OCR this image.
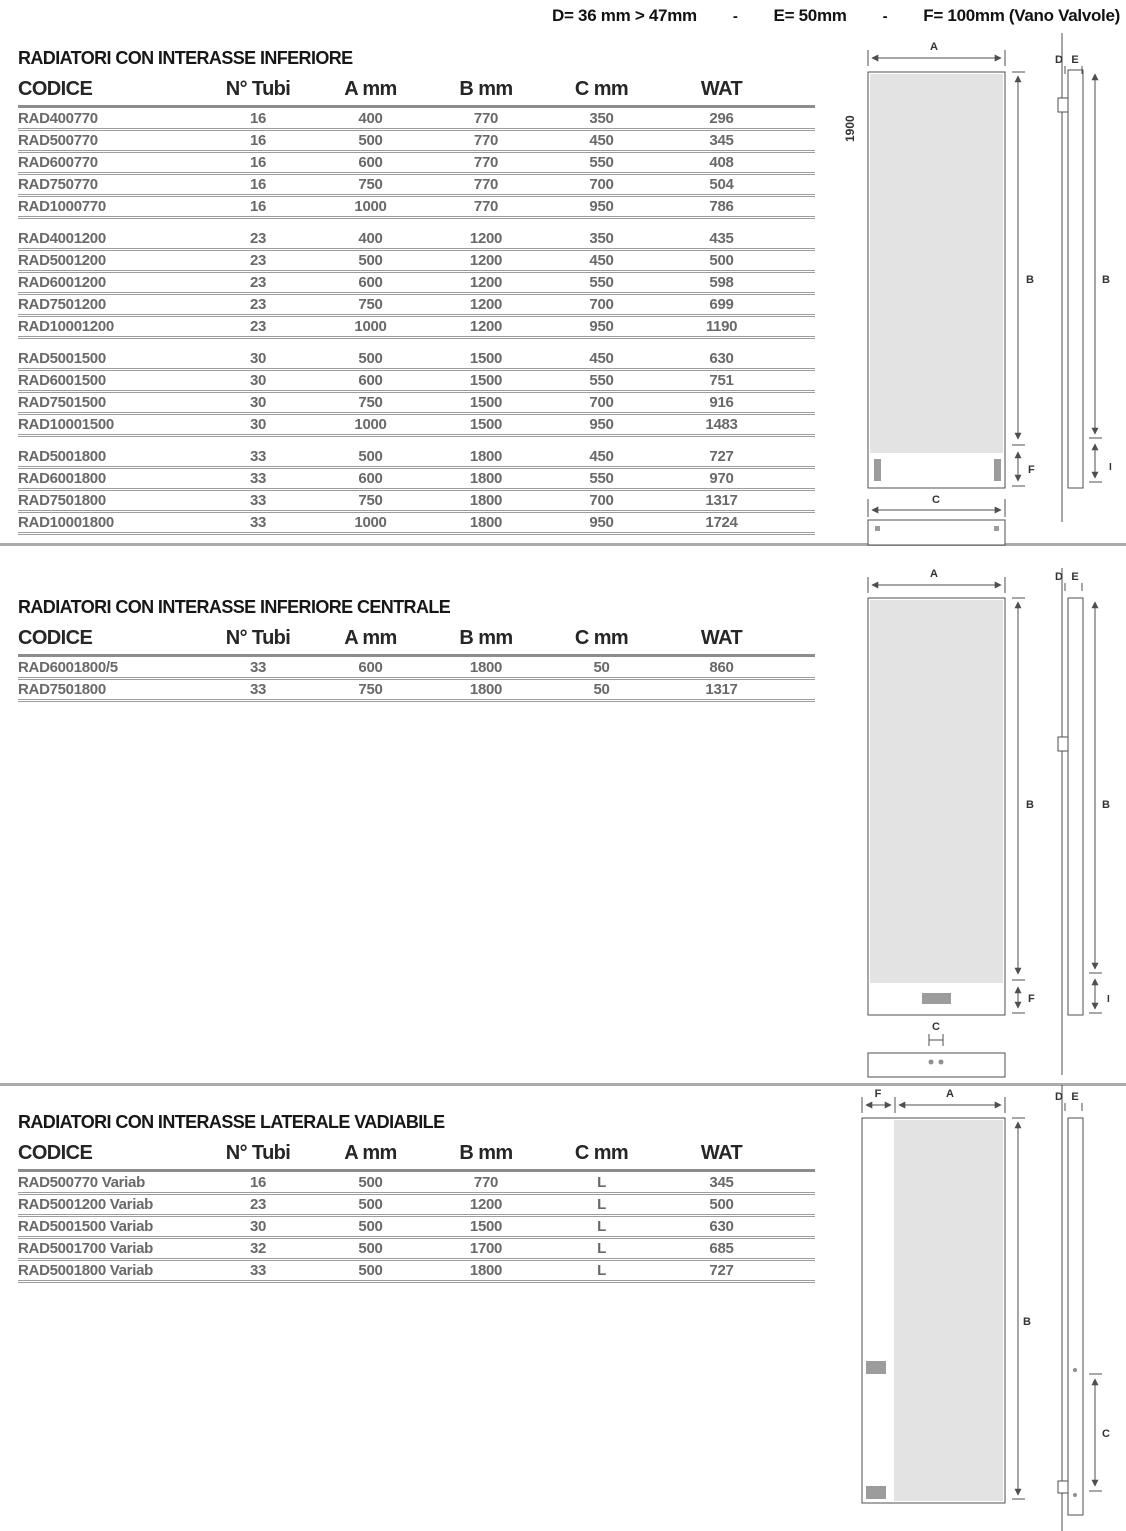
D= 36 mm > 47mm - E= 50mm - F= 100mm (Vano Valvole)
RADIATORI CON INTERASSE INFERIORE
CODICE	N° Tubi	A mm	B mm	C mm	WAT
RAD400770	16	400	770	350	296
RAD500770	16	500	770	450	345
RAD600770	16	600	770	550	408
RAD750770	16	750	770	700	504
RAD1000770	16	1000	770	950	786
RAD4001200	23	400	1200	350	435
RAD5001200	23	500	1200	450	500
RAD6001200	23	600	1200	550	598
RAD7501200	23	750	1200	700	699
RAD10001200	23	1000	1200	950	1190
RAD5001500	30	500	1500	450	630
RAD6001500	30	600	1500	550	751
RAD7501500	30	750	1500	700	916
RAD10001500	30	1000	1500	950	1483
RAD5001800	33	500	1800	450	727
RAD6001800	33	600	1800	550	970
RAD7501800	33	750	1800	700	1317
RAD10001800	33	1000	1800	950	1724
RADIATORI CON INTERASSE INFERIORE CENTRALE
CODICE	N° Tubi	A mm	B mm	C mm	WAT
RAD6001800/5	33	600	1800	50	860
RAD7501800	33	750	1800	50	1317
RADIATORI CON INTERASSE LATERALE VADIABILE
CODICE	N° Tubi	A mm	B mm	C mm	WAT
RAD500770 Variab	16	500	770	L	345
RAD5001200 Variab	23	500	1200	L	500
RAD5001500 Variab	30	500	1500	L	630
RAD5001700 Variab	32	500	1700	L	685
RAD5001800 Variab	33	500	1800	L	727
A
1900
B
F
C
D E
B
I
A
B
F
C
D E
B
I
F	A
B
D E
C
